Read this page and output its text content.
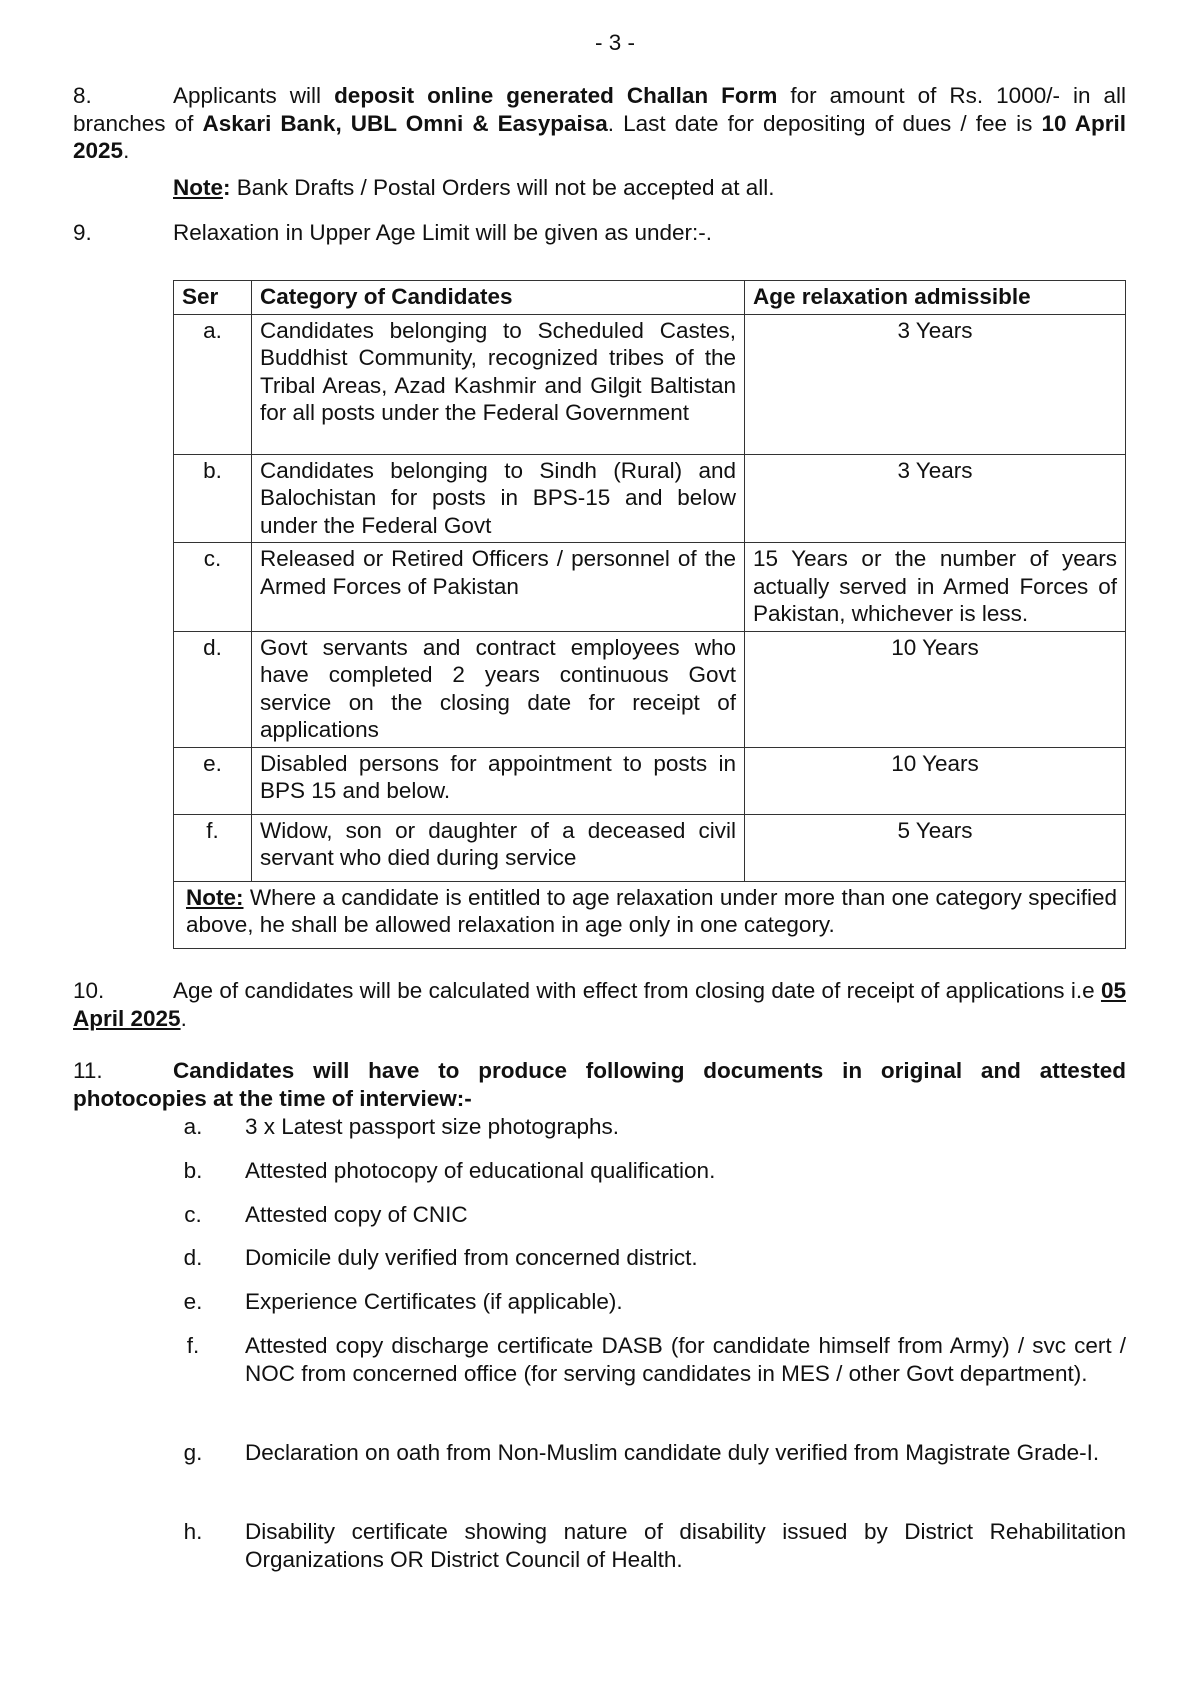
- 3 -
8.	Applicants will deposit online generated Challan Form for amount of Rs. 1000/- in all branches of Askari Bank, UBL Omni & Easypaisa. Last date for depositing of dues / fee is 10 April 2025.
Note: Bank Drafts / Postal Orders will not be accepted at all.
9.	Relaxation in Upper Age Limit will be given as under:-.
Ser	Category of Candidates	Age relaxation admissible
a.	Candidates belonging to Scheduled Castes, Buddhist Community, recognized tribes of the Tribal Areas, Azad Kashmir and Gilgit Baltistan for all posts under the Federal Government	3 Years
b.	Candidates belonging to Sindh (Rural) and Balochistan for posts in BPS-15 and below under the Federal Govt	3 Years
c.	Released or Retired Officers / personnel of the Armed Forces of Pakistan	15 Years or the number of years actually served in Armed Forces of Pakistan, whichever is less.
d.	Govt servants and contract employees who have completed 2 years continuous Govt service on the closing date for receipt of applications	10 Years
e.	Disabled persons for appointment to posts in BPS 15 and below.	10 Years
f.	Widow, son or daughter of a deceased civil servant who died during service	5 Years
Note: Where a candidate is entitled to age relaxation under more than one category specified above, he shall be allowed relaxation in age only in one category.		
10.	Age of candidates will be calculated with effect from closing date of receipt of applications i.e 05 April 2025.
11.	Candidates will have to produce following documents in original and attested photocopies at the time of interview:-
a.	3 x Latest passport size photographs.
b.	Attested photocopy of educational qualification.
c.	Attested copy of CNIC
d.	Domicile duly verified from concerned district.
e.	Experience Certificates (if applicable).
f.	Attested copy discharge certificate DASB (for candidate himself from Army) / svc cert / NOC from concerned office (for serving candidates in MES / other Govt department).
g.	Declaration on oath from Non-Muslim candidate duly verified from Magistrate Grade-I.
h.	Disability certificate showing nature of disability issued by District Rehabilitation Organizations OR District Council of Health.
